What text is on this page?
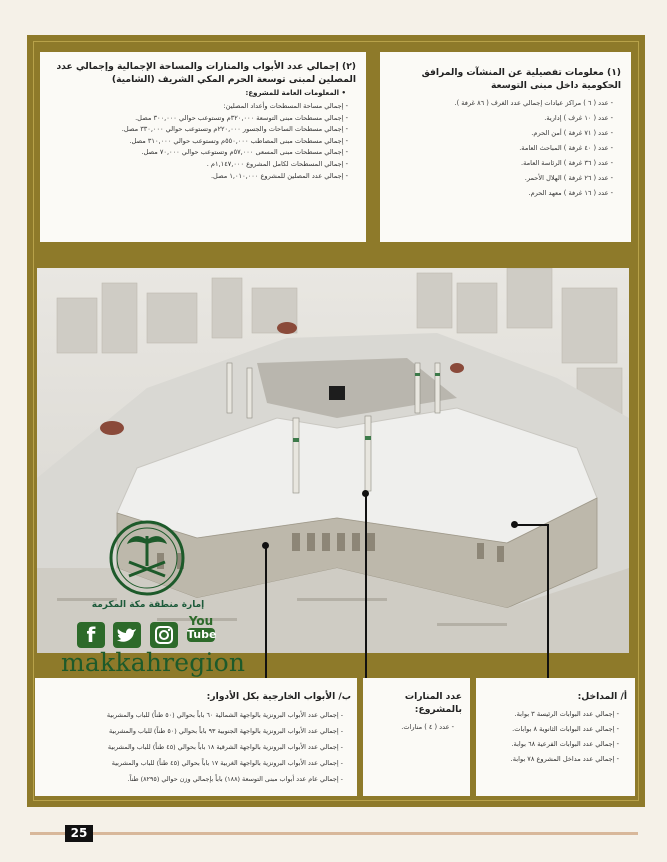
(١) معلومات تفصيلية عن المنشآت والمرافق الحكومية داخل مبنى التوسعة
- عدد ( ٦ ) مراكز عيادات إجمالي عدد الغرف ( ٨٦ غرفة ).
- عدد ( ١٠ غرف ) إدارية.
- عدد ( ٧١ غرفة ) أمن الحرم.
- عدد ( ٤٠ غرفة ) المباحث العامة.
- عدد ( ٣٦ غرفة ) الرئاسة العامة.
- عدد ( ٢٦ غرفة ) الهلال الأحمر.
- عدد ( ١٦ غرفة ) معهد الحرم.
(٢) إجمالي عدد الأبواب والمنارات والمساحة الإجمالية وإجمالي عدد المصلين لمبنى توسعة الحرم المكي الشريف (الشامية)
• المعلومات العامة للمشروع:
- إجمالي مساحة المسطحات وأعداد المصلين:
- إجمالي مسطحات مبنى التوسعة ٣٢٠,٠٠٠م وتستوعب حوالي ٣٠٠,٠٠٠ مصل.
- إجمالي مسطحات الساحات والجسور ٢٢٠,٠٠٠م وتستوعب حوالي ٣٣٠,٠٠٠ مصل.
- إجمالي مسطحات مبنى المصاطب ٥٥٠,٠٠٠م وتستوعب حوالي ٣١٠,٠٠٠ مصل.
- إجمالي مسطحات مبنى المسعى ٥٧,٠٠٠م وتستوعب حوالي ٧٠,٠٠٠ مصل.
- إجمالي المسطحات لكامل المشروع ١,١٤٧,٠٠٠م .
- إجمالي عدد المصلين للمشروع ١,٠١٠,٠٠٠ مصل.
إمارة منطقة مكة المكرمة
f
You
Tube
makkahregion
أ/ المداخل:
- إجمالي عدد البوابات الرئيسة ٣ بوابة.
- إجمالي عدد البوابات الثانوية ٨ بوابات.
- إجمالي عدد البوابات الفرعية ٦٨ بوابة.
- إجمالي عدد مداخل المشروع ٧٨ بوابة.
عدد المنارات بالمشروع:
- عدد ( ٤ ) منارات.
ب/ الأبواب الخارجية بكل الأدوار:
- إجمالي عدد الأبواب البرونزية بالواجهة الشمالية ٦٠ باباً بحوالي (٥٠ طناً) للباب والمشربية
- إجمالي عدد الأبواب البرونزية بالواجهة الجنوبية ٩٣ باباً بحوالي (٥٠ طناً) للباب والمشربية
- إجمالي عدد الأبواب البرونزية بالواجهة الشرقية ١٨ باباً بحوالي (٤٥ طناً) للباب والمشربية
- إجمالي عدد الأبواب البرونزية بالواجهة الغربية ١٧ باباً بحوالي (٤٥ طناً) للباب والمشربية
- إجمالي عام عدد أبواب مبنى التوسعة (١٨٨) باباً بإجمالي وزن حوالي (٨٢٩٥) طناً.
25
